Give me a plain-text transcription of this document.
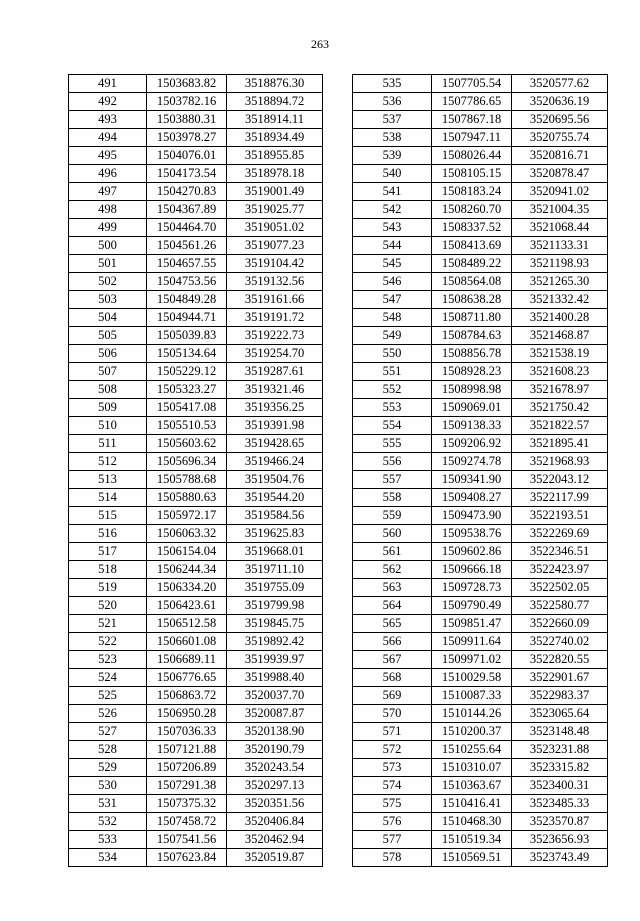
263
491	1503683.82	3518876.30
492	1503782.16	3518894.72
493	1503880.31	3518914.11
494	1503978.27	3518934.49
495	1504076.01	3518955.85
496	1504173.54	3518978.18
497	1504270.83	3519001.49
498	1504367.89	3519025.77
499	1504464.70	3519051.02
500	1504561.26	3519077.23
501	1504657.55	3519104.42
502	1504753.56	3519132.56
503	1504849.28	3519161.66
504	1504944.71	3519191.72
505	1505039.83	3519222.73
506	1505134.64	3519254.70
507	1505229.12	3519287.61
508	1505323.27	3519321.46
509	1505417.08	3519356.25
510	1505510.53	3519391.98
511	1505603.62	3519428.65
512	1505696.34	3519466.24
513	1505788.68	3519504.76
514	1505880.63	3519544.20
515	1505972.17	3519584.56
516	1506063.32	3519625.83
517	1506154.04	3519668.01
518	1506244.34	3519711.10
519	1506334.20	3519755.09
520	1506423.61	3519799.98
521	1506512.58	3519845.75
522	1506601.08	3519892.42
523	1506689.11	3519939.97
524	1506776.65	3519988.40
525	1506863.72	3520037.70
526	1506950.28	3520087.87
527	1507036.33	3520138.90
528	1507121.88	3520190.79
529	1507206.89	3520243.54
530	1507291.38	3520297.13
531	1507375.32	3520351.56
532	1507458.72	3520406.84
533	1507541.56	3520462.94
534	1507623.84	3520519.87
535	1507705.54	3520577.62
536	1507786.65	3520636.19
537	1507867.18	3520695.56
538	1507947.11	3520755.74
539	1508026.44	3520816.71
540	1508105.15	3520878.47
541	1508183.24	3520941.02
542	1508260.70	3521004.35
543	1508337.52	3521068.44
544	1508413.69	3521133.31
545	1508489.22	3521198.93
546	1508564.08	3521265.30
547	1508638.28	3521332.42
548	1508711.80	3521400.28
549	1508784.63	3521468.87
550	1508856.78	3521538.19
551	1508928.23	3521608.23
552	1508998.98	3521678.97
553	1509069.01	3521750.42
554	1509138.33	3521822.57
555	1509206.92	3521895.41
556	1509274.78	3521968.93
557	1509341.90	3522043.12
558	1509408.27	3522117.99
559	1509473.90	3522193.51
560	1509538.76	3522269.69
561	1509602.86	3522346.51
562	1509666.18	3522423.97
563	1509728.73	3522502.05
564	1509790.49	3522580.77
565	1509851.47	3522660.09
566	1509911.64	3522740.02
567	1509971.02	3522820.55
568	1510029.58	3522901.67
569	1510087.33	3522983.37
570	1510144.26	3523065.64
571	1510200.37	3523148.48
572	1510255.64	3523231.88
573	1510310.07	3523315.82
574	1510363.67	3523400.31
575	1510416.41	3523485.33
576	1510468.30	3523570.87
577	1510519.34	3523656.93
578	1510569.51	3523743.49
